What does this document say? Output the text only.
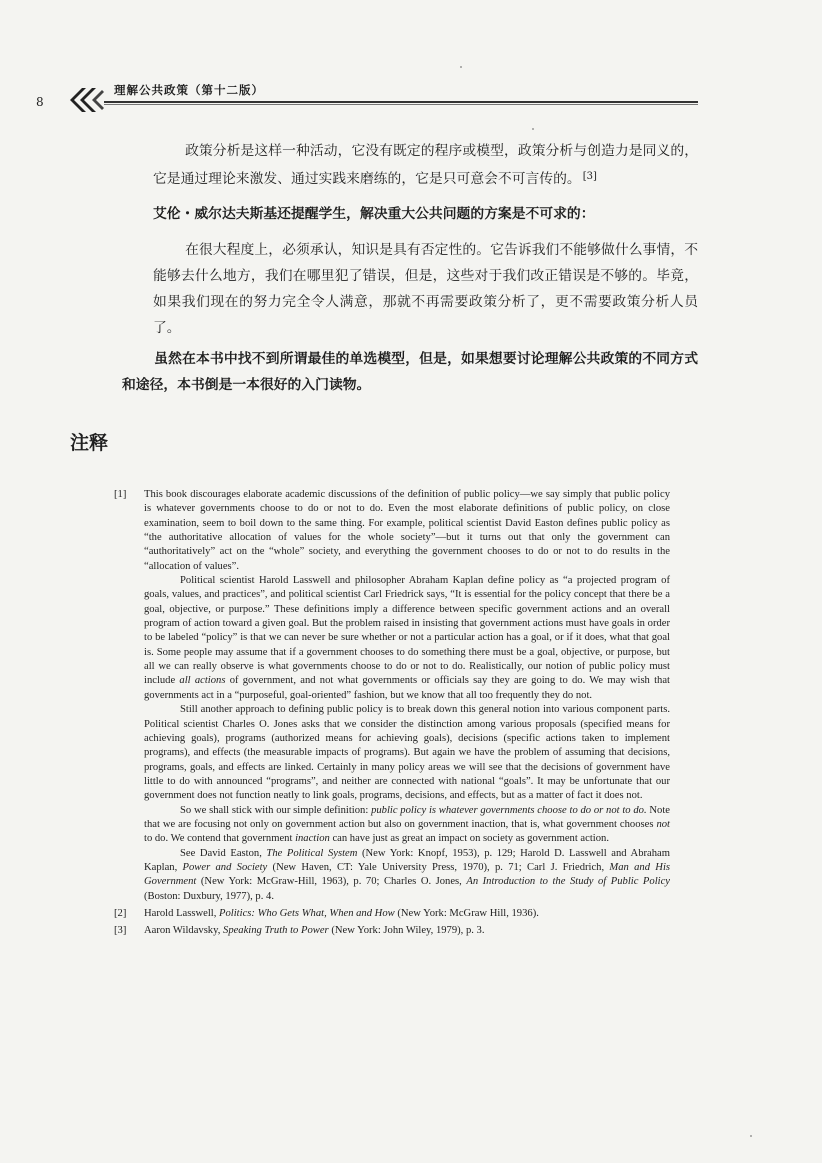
8
理解公共政策（第十二版）

政策分析是这样一种活动，它没有既定的程序或模型，政策分析与创造力是同义的，它是通过理论来激发、通过实践来磨练的，它是只可意会不可言传的。 [3]

艾伦・威尔达夫斯基还提醒学生，解决重大公共问题的方案是不可求的：

在很大程度上，必须承认，知识是具有否定性的。它告诉我们不能够做什么事情，不能够去什么地方，我们在哪里犯了错误，但是，这些对于我们改正错误是不够的。毕竟，如果我们现在的努力完全令人满意，那就不再需要政策分析了，更不需要政策分析人员了。

虽然在本书中找不到所谓最佳的单选模型，但是，如果想要讨论理解公共政策的不同方式和途径，本书倒是一本很好的入门读物。

注释
[1] This book discourages elaborate academic discussions of the definition of public policy—we say simply that public policy is whatever governments choose to do or not to do. Even the most elaborate definitions of public policy, on close examination, seem to boil down to the same thing. For example, political scientist David Easton defines public policy as “the authoritative allocation of values for the whole society”—but it turns out that only the government can “authoritatively” act on the “whole” society, and everything the government chooses to do or not to do results in the “allocation of values”.

Political scientist Harold Lasswell and philosopher Abraham Kaplan define policy as “a projected program of goals, values, and practices”, and political scientist Carl Friedrick says, “It is essential for the policy concept that there be a goal, objective, or purpose.” These definitions imply a difference between specific government actions and an overall program of action toward a given goal. But the problem raised in insisting that government actions must have goals in order to be labeled “policy” is that we can never be sure whether or not a particular action has a goal, or if it does, what that goal is. Some people may assume that if a government chooses to do something there must be a goal, objective, or purpose, but all we can really observe is what governments choose to do or not to do. Realistically, our notion of public policy must include all actions of government, and not what governments or officials say they are going to do. We may wish that governments act in a “purposeful, goal-oriented” fashion, but we know that all too frequently they do not.

Still another approach to defining public policy is to break down this general notion into various component parts. Political scientist Charles O. Jones asks that we consider the distinction among various proposals (specified means for achieving goals), programs (authorized means for achieving goals), decisions (specific actions taken to implement programs), and effects (the measurable impacts of programs). But again we have the problem of assuming that decisions, programs, goals, and effects are linked. Certainly in many policy areas we will see that the decisions of government have little to do with announced “programs”, and neither are connected with national “goals”. It may be unfortunate that our government does not function neatly to link goals, programs, decisions, and effects, but as a matter of fact it does not.

So we shall stick with our simple definition: public policy is whatever governments choose to do or not to do. Note that we are focusing not only on government action but also on government inaction, that is, what government chooses not to do. We contend that government inaction can have just as great an impact on society as government action.

See David Easton, The Political System (New York: Knopf, 1953), p. 129; Harold D. Lasswell and Abraham Kaplan, Power and Society (New Haven, CT: Yale University Press, 1970), p. 71; Carl J. Friedrich, Man and His Government (New York: McGraw-Hill, 1963), p. 70; Charles O. Jones, An Introduction to the Study of Public Policy (Boston: Duxbury, 1977), p. 4.

[2] Harold Lasswell, Politics: Who Gets What, When and How (New York: McGraw Hill, 1936).

[3] Aaron Wildavsky, Speaking Truth to Power (New York: John Wiley, 1979), p. 3.
